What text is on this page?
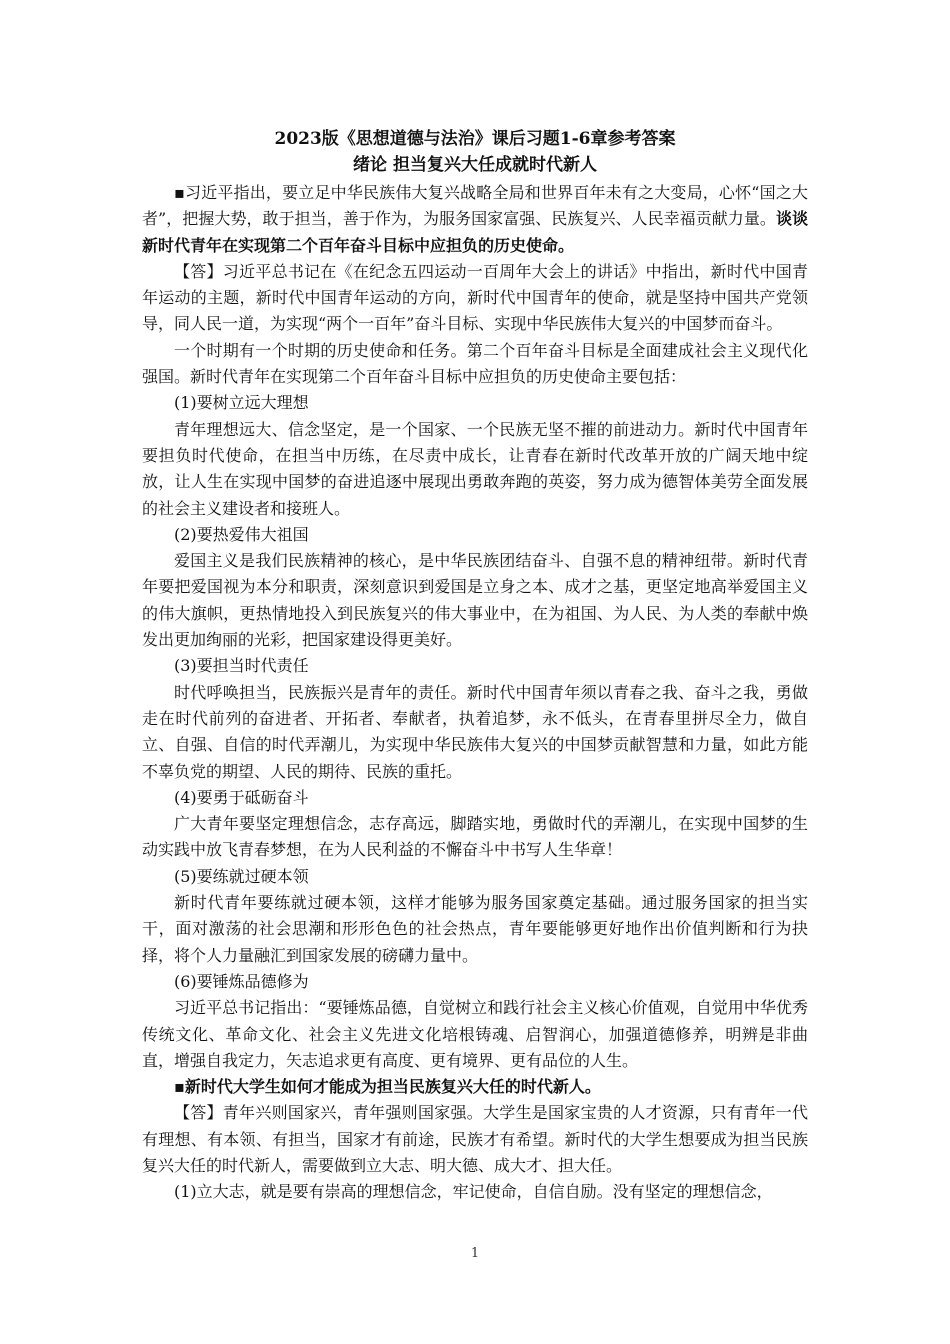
2023版《思想道德与法治》课后习题1-6章参考答案
绪论 担当复兴大任成就时代新人

▪习近平指出，要立足中华民族伟大复兴战略全局和世界百年未有之大变局，心怀“国之大者”，把握大势，敢于担当，善于作为，为服务国家富强、民族复兴、人民幸福贡献力量。谈谈新时代青年在实现第二个百年奋斗目标中应担负的历史使命。

【答】习近平总书记在《在纪念五四运动一百周年大会上的讲话》中指出，新时代中国青年运动的主题，新时代中国青年运动的方向，新时代中国青年的使命，就是坚持中国共产党领导，同人民一道，为实现“两个一百年”奋斗目标、实现中华民族伟大复兴的中国梦而奋斗。

一个时期有一个时期的历史使命和任务。第二个百年奋斗目标是全面建成社会主义现代化强国。新时代青年在实现第二个百年奋斗目标中应担负的历史使命主要包括：

(1)要树立远大理想

青年理想远大、信念坚定，是一个国家、一个民族无坚不摧的前进动力。新时代中国青年要担负时代使命，在担当中历练，在尽责中成长，让青春在新时代改革开放的广阔天地中绽放，让人生在实现中国梦的奋进追逐中展现出勇敢奔跑的英姿，努力成为德智体美劳全面发展的社会主义建设者和接班人。

(2)要热爱伟大祖国

爱国主义是我们民族精神的核心，是中华民族团结奋斗、自强不息的精神纽带。新时代青年要把爱国视为本分和职责，深刻意识到爱国是立身之本、成才之基，更坚定地高举爱国主义的伟大旗帜，更热情地投入到民族复兴的伟大事业中，在为祖国、为人民、为人类的奉献中焕发出更加绚丽的光彩，把国家建设得更美好。

(3)要担当时代责任

时代呼唤担当，民族振兴是青年的责任。新时代中国青年须以青春之我、奋斗之我，勇做走在时代前列的奋进者、开拓者、奉献者，执着追梦，永不低头，在青春里拼尽全力，做自立、自强、自信的时代弄潮儿，为实现中华民族伟大复兴的中国梦贡献智慧和力量，如此方能不辜负党的期望、人民的期待、民族的重托。

(4)要勇于砥砺奋斗

广大青年要坚定理想信念，志存高远，脚踏实地，勇做时代的弄潮儿，在实现中国梦的生动实践中放飞青春梦想，在为人民利益的不懈奋斗中书写人生华章！

(5)要练就过硬本领

新时代青年要练就过硬本领，这样才能够为服务国家奠定基础。通过服务国家的担当实干，面对激荡的社会思潮和形形色色的社会热点，青年要能够更好地作出价值判断和行为抉择，将个人力量融汇到国家发展的磅礴力量中。

(6)要锤炼品德修为

习近平总书记指出：“要锤炼品德，自觉树立和践行社会主义核心价值观，自觉用中华优秀传统文化、革命文化、社会主义先进文化培根铸魂、启智润心，加强道德修养，明辨是非曲直，增强自我定力，矢志追求更有高度、更有境界、更有品位的人生。

▪新时代大学生如何才能成为担当民族复兴大任的时代新人。

【答】青年兴则国家兴，青年强则国家强。大学生是国家宝贵的人才资源，只有青年一代有理想、有本领、有担当，国家才有前途，民族才有希望。新时代的大学生想要成为担当民族复兴大任的时代新人，需要做到立大志、明大德、成大才、担大任。

(1)立大志，就是要有崇高的理想信念，牢记使命，自信自励。没有坚定的理想信念，

1
